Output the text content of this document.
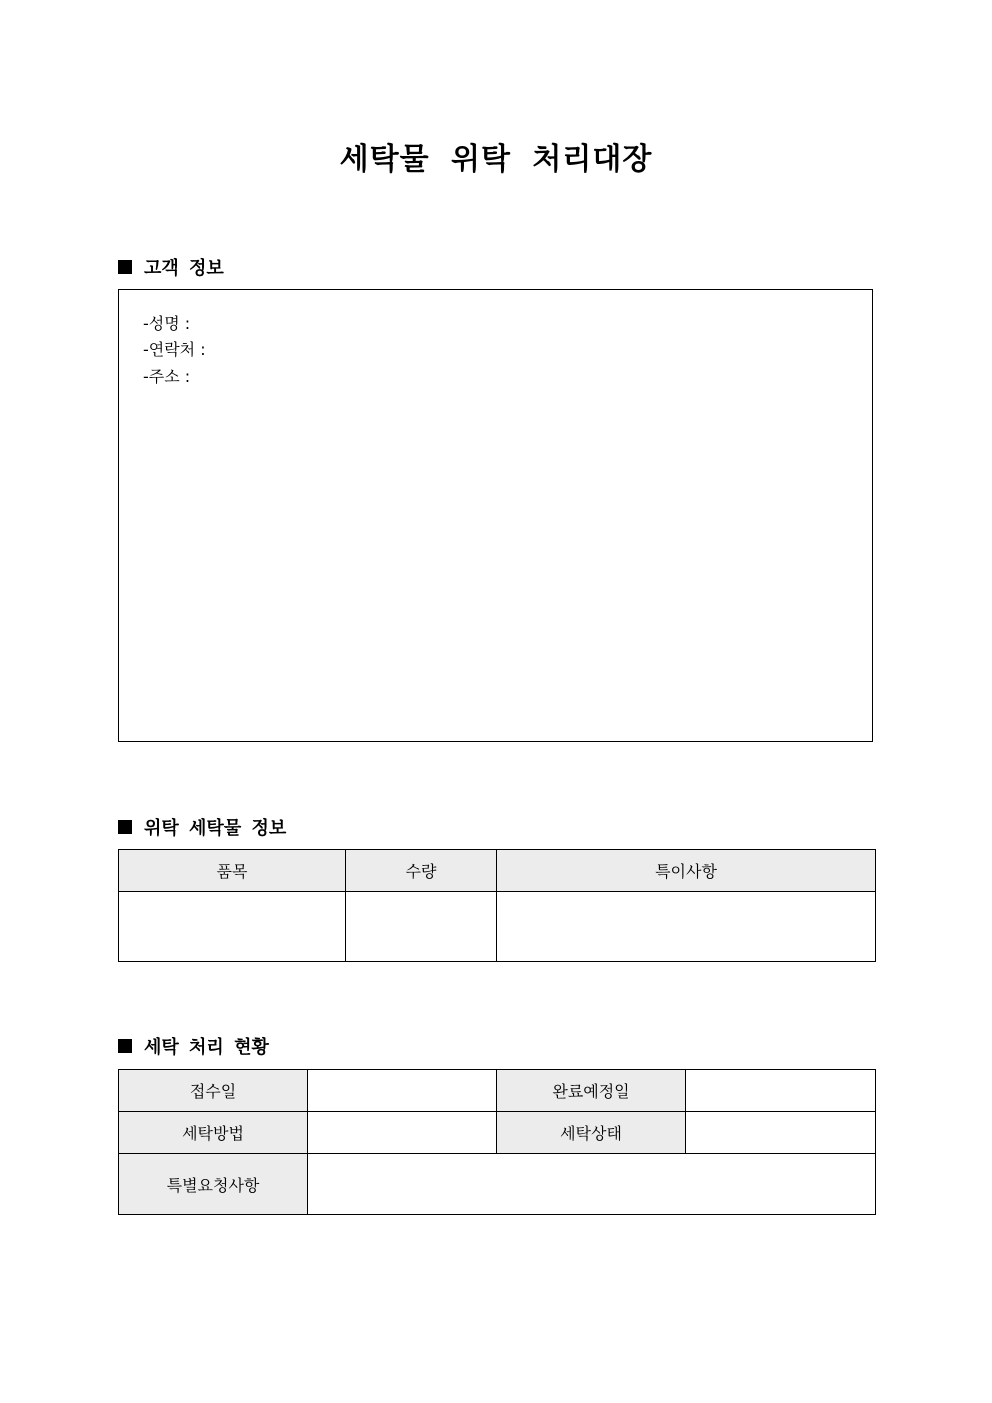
세탁물 위탁 처리대장
고객 정보
-성명 :
-연락처 :
-주소 :
위탁 세탁물 정보
품목	수량	특이사항

세탁 처리 현황
접수일		완료예정일	
세탁방법		세탁상태	
특별요청사항			
